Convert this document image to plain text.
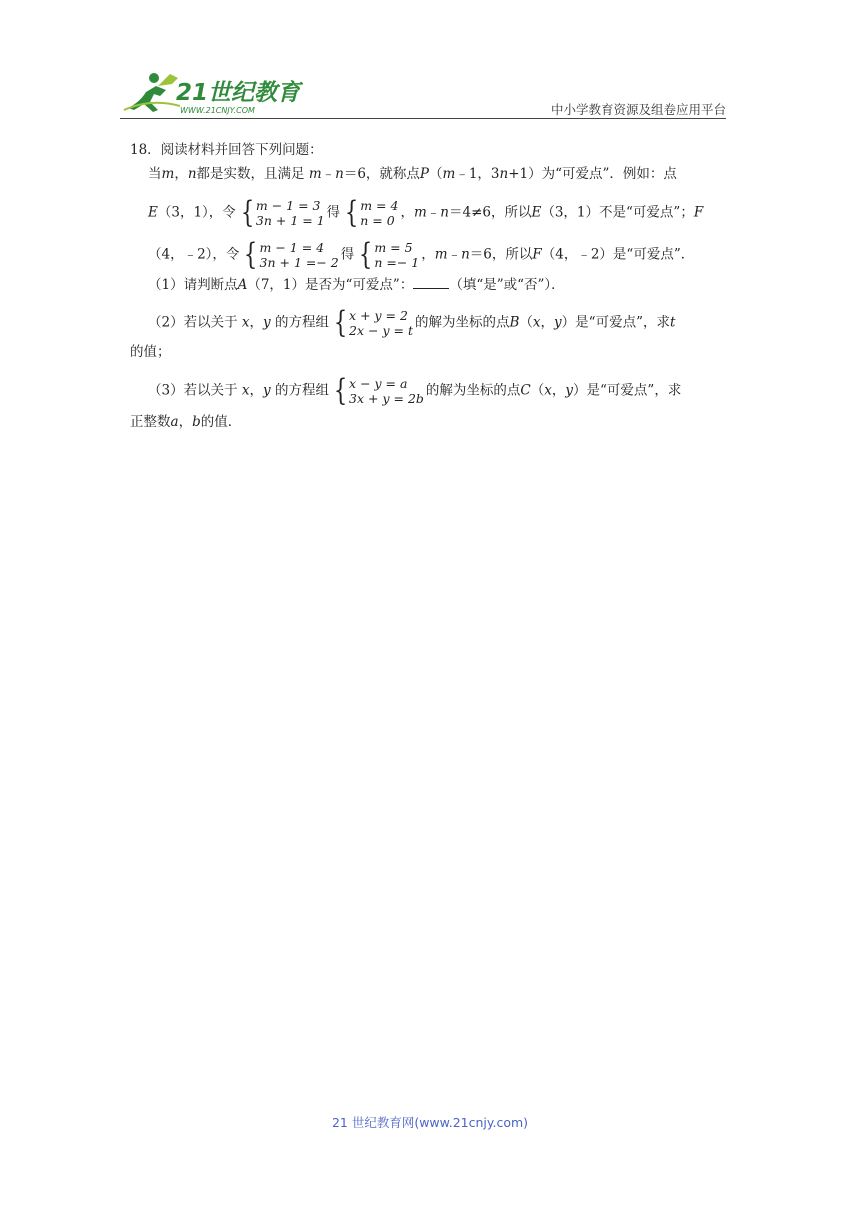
21世纪教育
WWW.21CNJY.COM	中小学教育资源及组卷应用平台
18．阅读材料并回答下列问题：
当m，n都是实数，且满足 m﹣n＝6，就称点P（m﹣1，3n+1）为“可爱点”．例如：点
E（3，1），令 { m − 1 = 3
3n + 1 = 1 得 { m = 4
n = 0 ，m﹣n＝4≠6，所以E（3，1）不是“可爱点”；F
（4，﹣2），令 { m − 1 = 4
3n + 1 =− 2 得 { m = 5
n =− 1 ，m﹣n＝6，所以F（4，﹣2）是“可爱点”．
（1）请判断点A（7，1）是否为“可爱点”：	（填“是”或“否”）．
（2）若以关于 x，y 的方程组 { x + y = 2
2x − y = t 的解为坐标的点B（x，y）是“可爱点”，求t
的值；
（3）若以关于 x，y 的方程组 { x − y = a
3x + y = 2b 的解为坐标的点C（x，y）是“可爱点”，求
正整数a，b的值．
21 世纪教育网(www.21cnjy.com)
